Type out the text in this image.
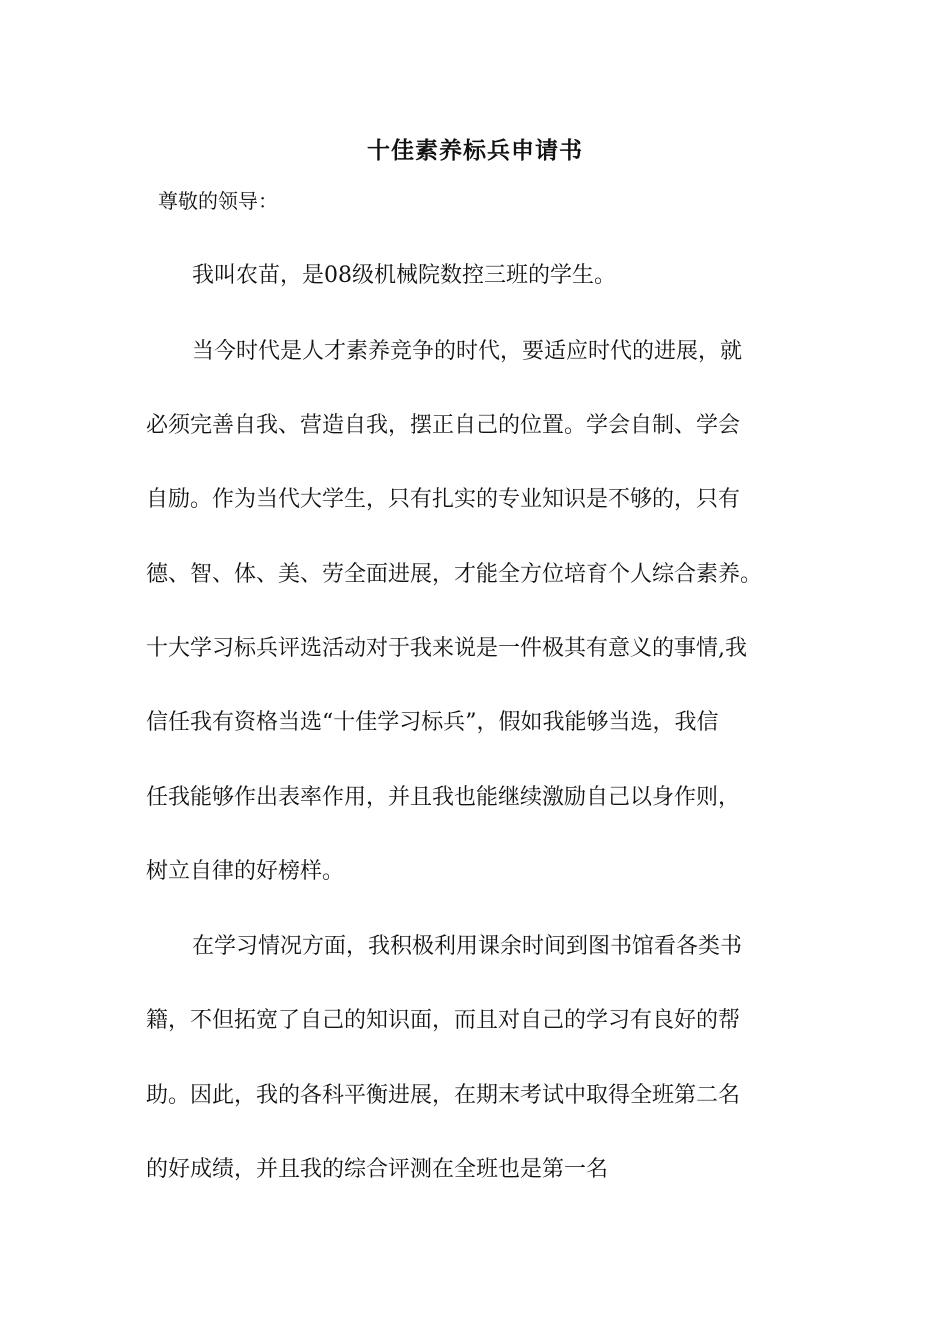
十佳素养标兵申请书
尊敬的领导：
我叫农苗，是08级机械院数控三班的学生。
当今时代是人才素养竞争的时代，要适应时代的进展，就
必须完善自我、营造自我，摆正自己的位置。学会自制、学会
自励。作为当代大学生，只有扎实的专业知识是不够的，只有
德、智、体、美、劳全面进展，才能全方位培育个人综合素养。
十大学习标兵评选活动对于我来说是一件极其有意义的事情,我
信任我有资格当选“十佳学习标兵”，假如我能够当选，我信
任我能够作出表率作用，并且我也能继续激励自己以身作则，
树立自律的好榜样。
在学习情况方面，我积极利用课余时间到图书馆看各类书
籍，不但拓宽了自己的知识面，而且对自己的学习有良好的帮
助。因此，我的各科平衡进展，在期末考试中取得全班第二名
的好成绩，并且我的综合评测在全班也是第一名
